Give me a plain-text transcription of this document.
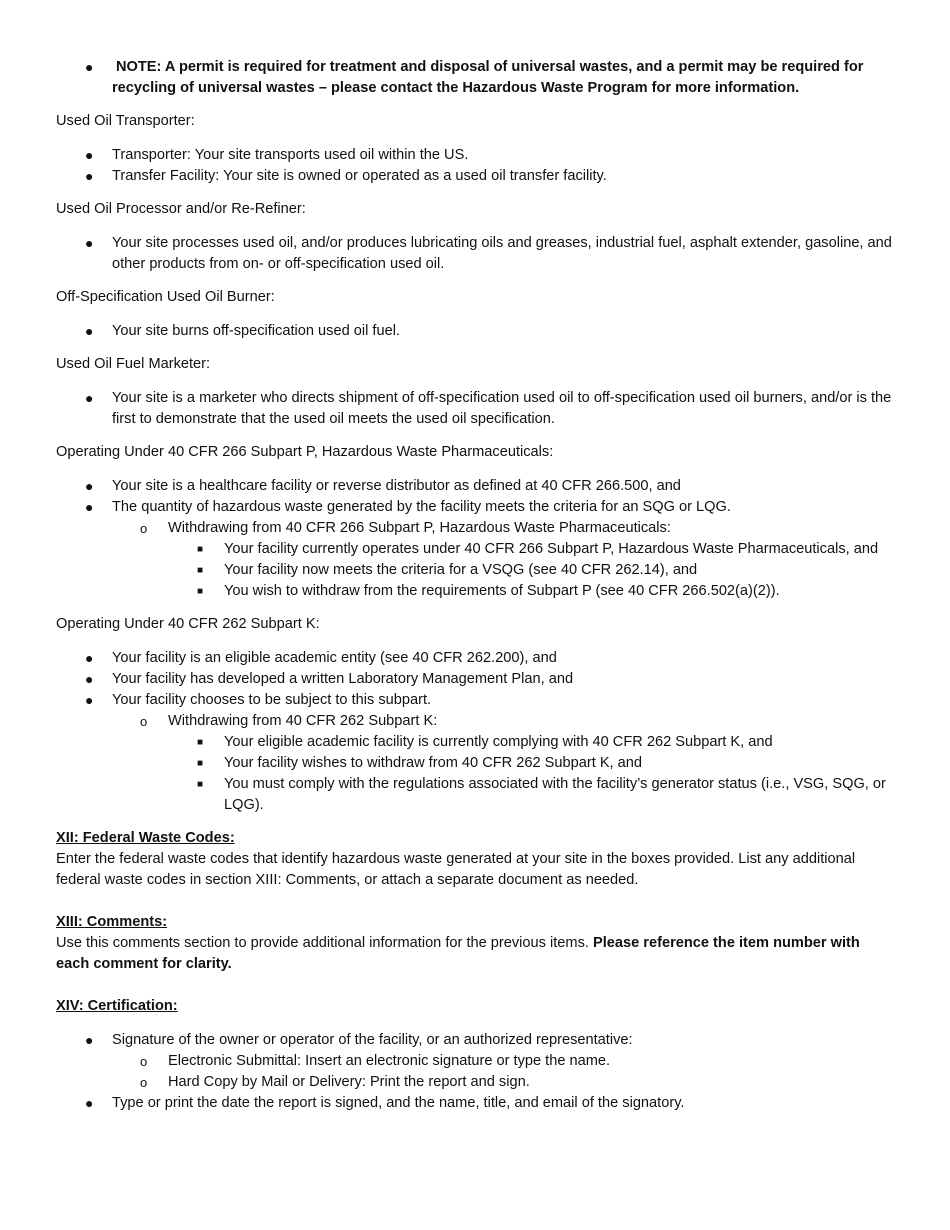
● NOTE: A permit is required for treatment and disposal of universal wastes, and a permit may be required for recycling of universal wastes – please contact the Hazardous Waste Program for more information.

Used Oil Transporter:

● Transporter: Your site transports used oil within the US.
● Transfer Facility: Your site is owned or operated as a used oil transfer facility.

Used Oil Processor and/or Re-Refiner:

● Your site processes used oil, and/or produces lubricating oils and greases, industrial fuel, asphalt extender, gasoline, and other products from on- or off-specification used oil.

Off-Specification Used Oil Burner:

● Your site burns off-specification used oil fuel.

Used Oil Fuel Marketer:

● Your site is a marketer who directs shipment of off-specification used oil to off-specification used oil burners, and/or is the first to demonstrate that the used oil meets the used oil specification.

Operating Under 40 CFR 266 Subpart P, Hazardous Waste Pharmaceuticals:

● Your site is a healthcare facility or reverse distributor as defined at 40 CFR 266.500, and
● The quantity of hazardous waste generated by the facility meets the criteria for an SQG or LQG.
o Withdrawing from 40 CFR 266 Subpart P, Hazardous Waste Pharmaceuticals:
■ Your facility currently operates under 40 CFR 266 Subpart P, Hazardous Waste Pharmaceuticals, and
■ Your facility now meets the criteria for a VSQG (see 40 CFR 262.14), and
■ You wish to withdraw from the requirements of Subpart P (see 40 CFR 266.502(a)(2)).

Operating Under 40 CFR 262 Subpart K:

● Your facility is an eligible academic entity (see 40 CFR 262.200), and
● Your facility has developed a written Laboratory Management Plan, and
● Your facility chooses to be subject to this subpart.
o Withdrawing from 40 CFR 262 Subpart K:
■ Your eligible academic facility is currently complying with 40 CFR 262 Subpart K, and
■ Your facility wishes to withdraw from 40 CFR 262 Subpart K, and
■ You must comply with the regulations associated with the facility’s generator status (i.e., VSG, SQG, or LQG).
XII: Federal Waste Codes:
Enter the federal waste codes that identify hazardous waste generated at your site in the boxes provided. List any additional federal waste codes in section XIII: Comments, or attach a separate document as needed.
XIII: Comments:
Use this comments section to provide additional information for the previous items. Please reference the item number with each comment for clarity.
XIV: Certification:
● Signature of the owner or operator of the facility, or an authorized representative:
o Electronic Submittal: Insert an electronic signature or type the name.
o Hard Copy by Mail or Delivery: Print the report and sign.
● Type or print the date the report is signed, and the name, title, and email of the signatory.
